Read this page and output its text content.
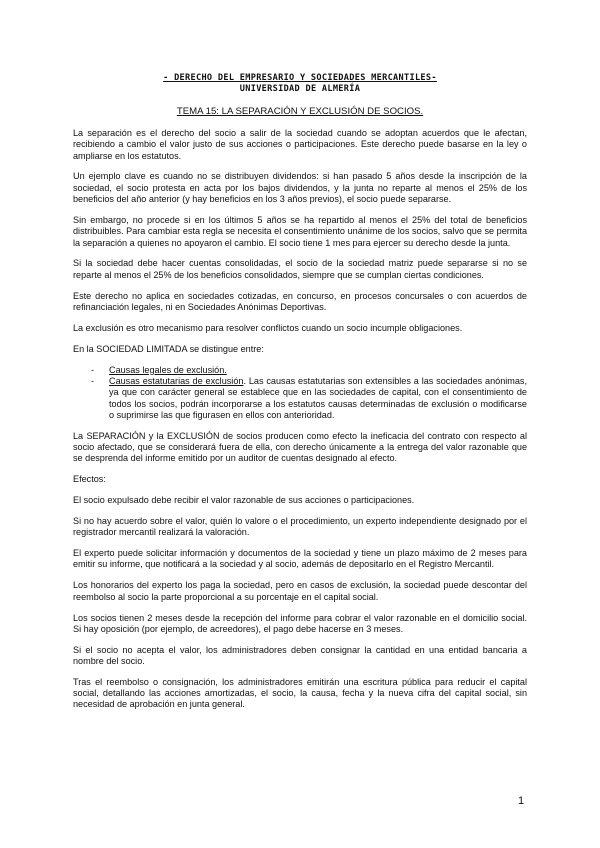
- DERECHO DEL EMPRESARIO Y SOCIEDADES MERCANTILES-
UNIVERSIDAD DE ALMERÍA
TEMA 15: LA SEPARACIÓN Y EXCLUSIÓN DE SOCIOS.

La separación es el derecho del socio a salir de la sociedad cuando se adoptan acuerdos que le afectan, recibiendo a cambio el valor justo de sus acciones o participaciones. Este derecho puede basarse en la ley o ampliarse en los estatutos.

Un ejemplo clave es cuando no se distribuyen dividendos: si han pasado 5 años desde la inscripción de la sociedad, el socio protesta en acta por los bajos dividendos, y la junta no reparte al menos el 25% de los beneficios del año anterior (y hay beneficios en los 3 años previos), el socio puede separarse.

Sin embargo, no procede si en los últimos 5 años se ha repartido al menos el 25% del total de beneficios distribuibles. Para cambiar esta regla se necesita el consentimiento unánime de los socios, salvo que se permita la separación a quienes no apoyaron el cambio. El socio tiene 1 mes para ejercer su derecho desde la junta.

Si la sociedad debe hacer cuentas consolidadas, el socio de la sociedad matriz puede separarse si no se reparte al menos el 25% de los beneficios consolidados, siempre que se cumplan ciertas condiciones.

Este derecho no aplica en sociedades cotizadas, en concurso, en procesos concursales o con acuerdos de refinanciación legales, ni en Sociedades Anónimas Deportivas.

La exclusión es otro mecanismo para resolver conflictos cuando un socio incumple obligaciones.

En la SOCIEDAD LIMITADA se distingue entre:

- Causas legales de exclusión.
- Causas estatutarias de exclusión. Las causas estatutarias son extensibles a las sociedades anónimas, ya que con carácter general se establece que en las sociedades de capital, con el consentimiento de todos los socios, podrán incorporarse a los estatutos causas determinadas de exclusión o modificarse o suprimirse las que figurasen en ellos con anterioridad.

La SEPARACIÓN y la EXCLUSIÓN de socios producen como efecto la ineficacia del contrato con respecto al socio afectado, que se considerará fuera de ella, con derecho únicamente a la entrega del valor razonable que se desprenda del informe emitido por un auditor de cuentas designado al efecto.

Efectos:

El socio expulsado debe recibir el valor razonable de sus acciones o participaciones.

Si no hay acuerdo sobre el valor, quién lo valore o el procedimiento, un experto independiente designado por el registrador mercantil realizará la valoración.

El experto puede solicitar información y documentos de la sociedad y tiene un plazo máximo de 2 meses para emitir su informe, que notificará a la sociedad y al socio, además de depositarlo en el Registro Mercantil.

Los honorarios del experto los paga la sociedad, pero en casos de exclusión, la sociedad puede descontar del reembolso al socio la parte proporcional a su porcentaje en el capital social.

Los socios tienen 2 meses desde la recepción del informe para cobrar el valor razonable en el domicilio social. Si hay oposición (por ejemplo, de acreedores), el pago debe hacerse en 3 meses.

Si el socio no acepta el valor, los administradores deben consignar la cantidad en una entidad bancaria a nombre del socio.

Tras el reembolso o consignación, los administradores emitirán una escritura pública para reducir el capital social, detallando las acciones amortizadas, el socio, la causa, fecha y la nueva cifra del capital social, sin necesidad de aprobación en junta general.

1
